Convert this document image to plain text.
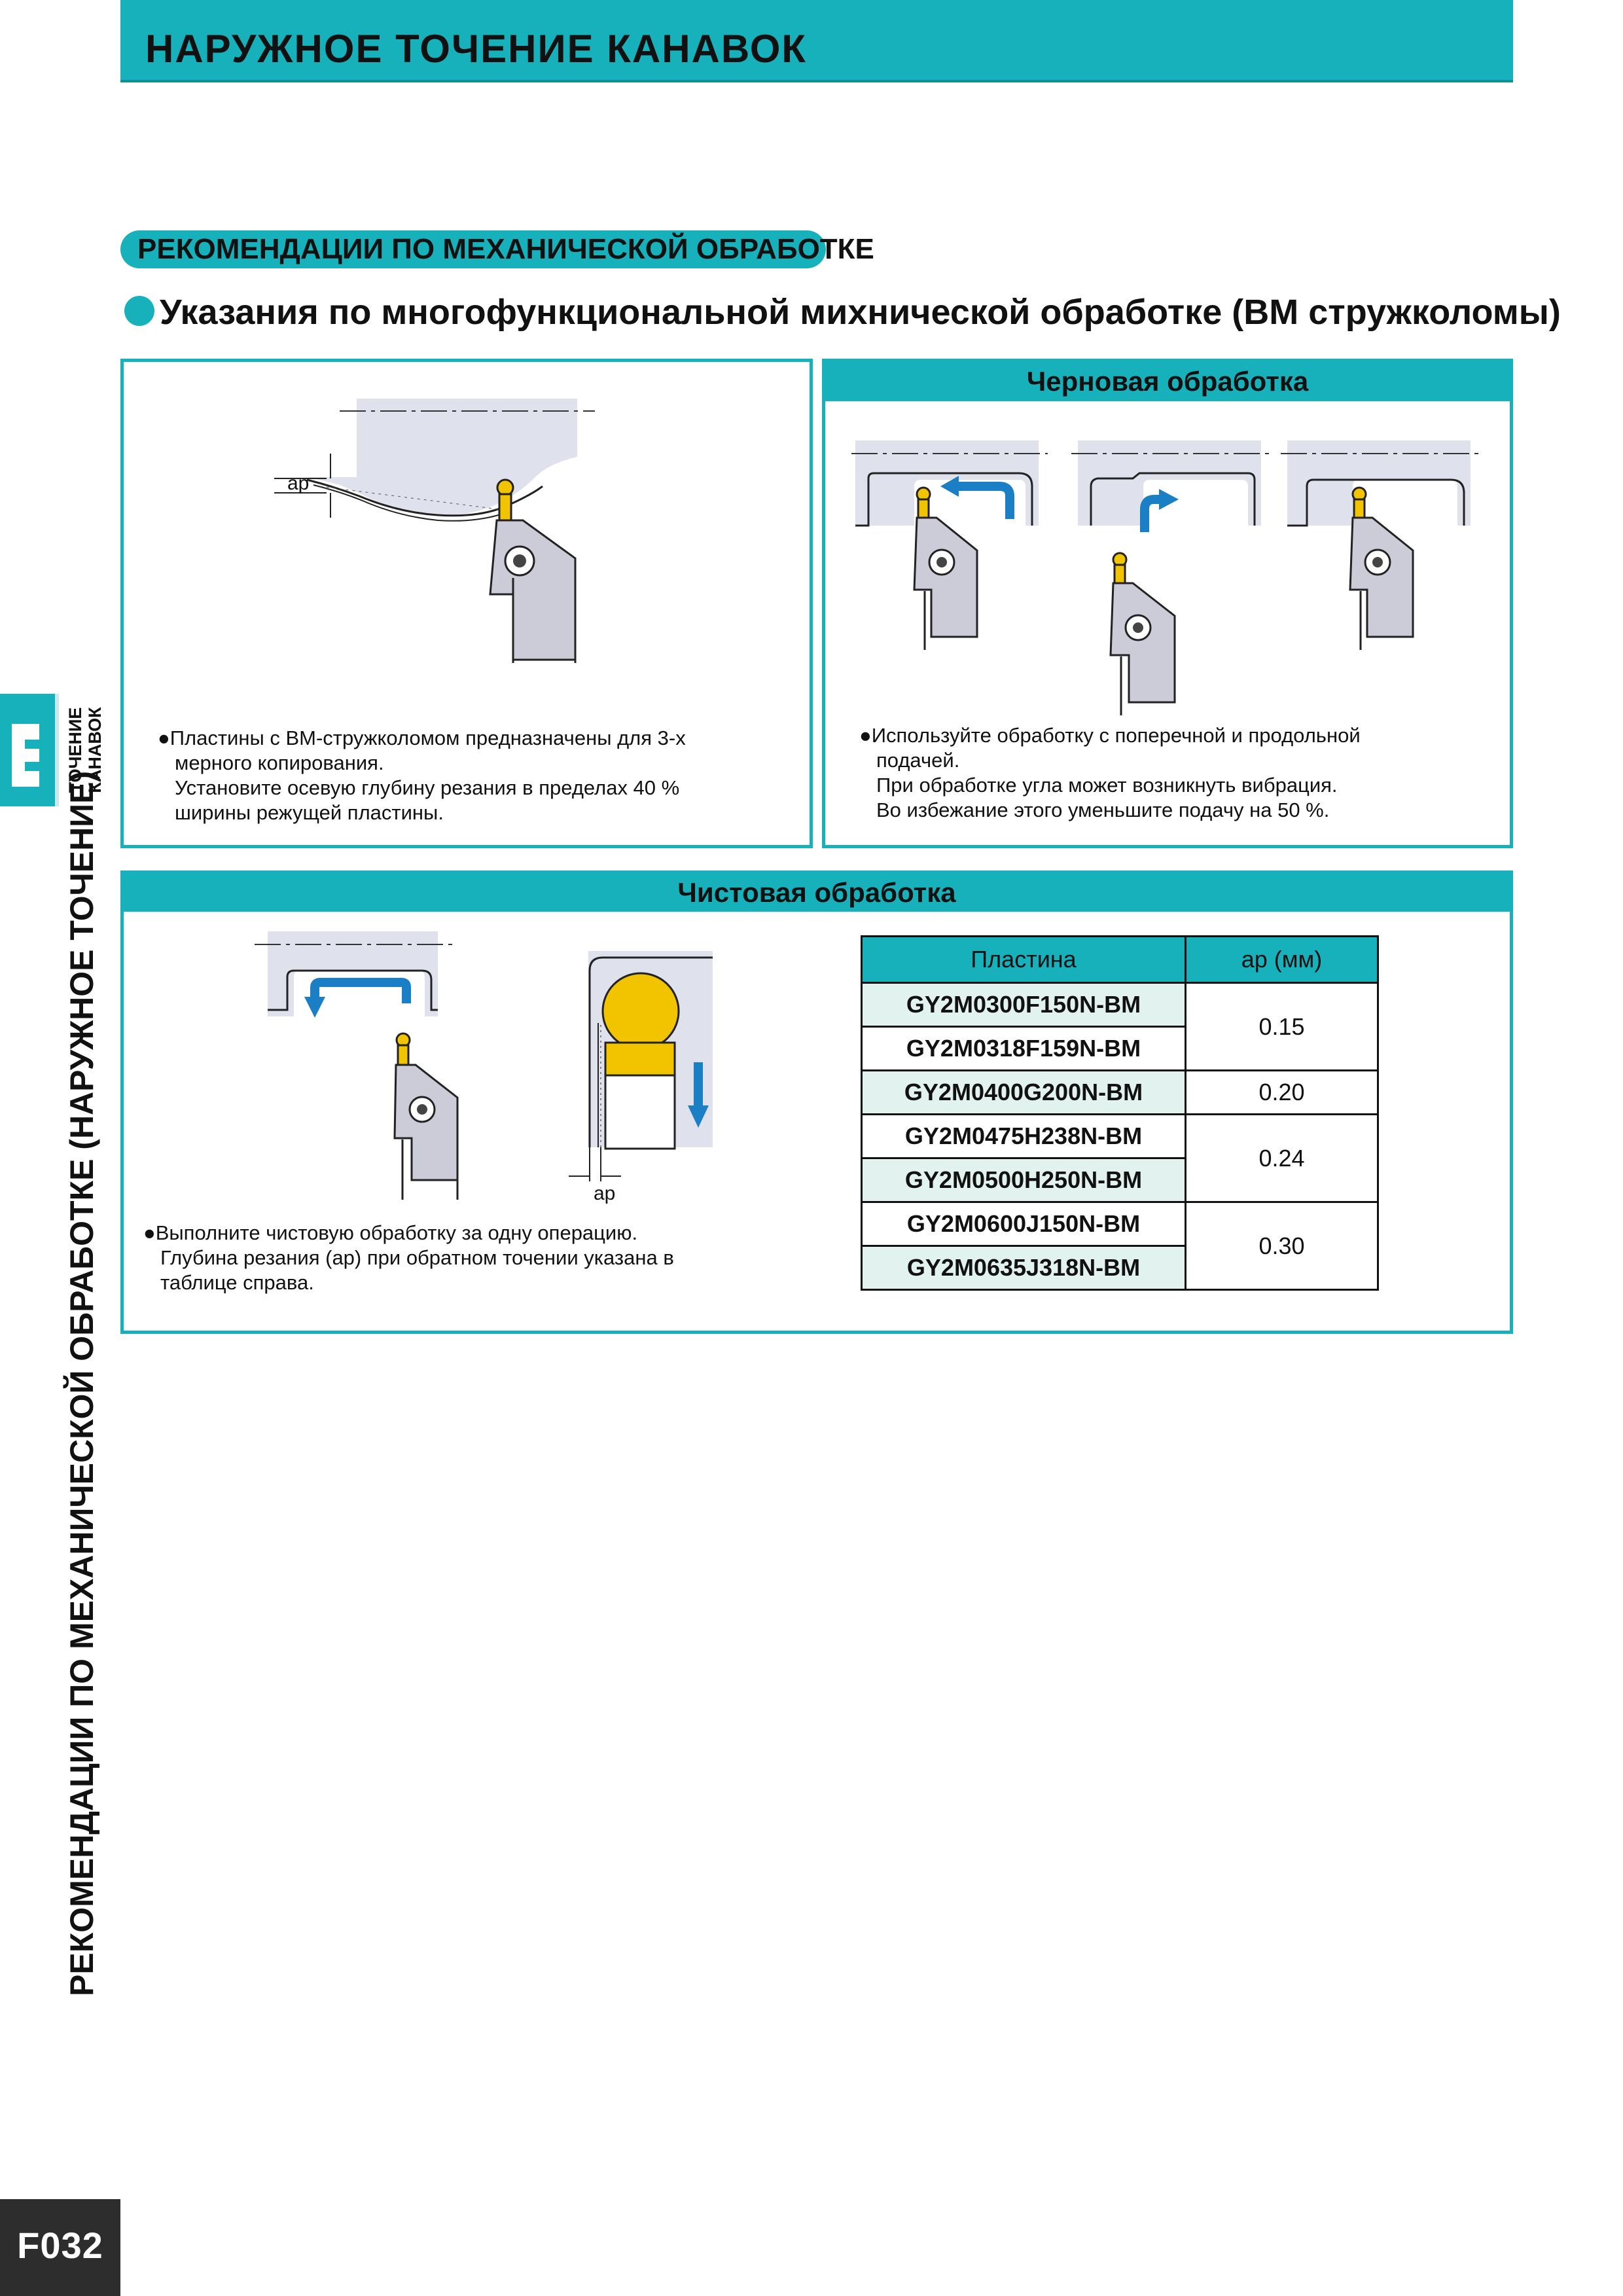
НАРУЖНОЕ ТОЧЕНИЕ КАНАВОК
РЕКОМЕНДАЦИИ ПО МЕХАНИЧЕСКОЙ ОБРАБОТКЕ
Указания по многофункциональной михнической обработке (BM стружколомы)
ap
●Пластины с BM-стружколомом предназначены для 3-х
мерного копирования.
Установите осевую глубину резания в пределах 40 %
ширины режущей пластины.
Черновая обработка
●Используйте обработку с поперечной и продольной
подачей.
При обработке угла может возникнуть вибрация.
Во избежание этого уменьшите подачу на 50 %.
Чистовая обработка
ap
●Выполните чистовую обработку за одну операцию.
Глубина резания (ap) при обратном точении указана в
таблице справа.
Пластина	ap (мм)
GY2M0300F150N-BM	0.15
GY2M0318F159N-BM	
GY2M0400G200N-BM	0.20
GY2M0475H238N-BM	0.24
GY2M0500H250N-BM	
GY2M0600J150N-BM	0.30
GY2M0635J318N-BM	
ТОЧЕНИЕ КАНАВОК
РЕКОМЕНДАЦИИ ПО МЕХАНИЧЕСКОЙ ОБРАБОТКЕ (НАРУЖНОЕ ТОЧЕНИЕ)
F032
